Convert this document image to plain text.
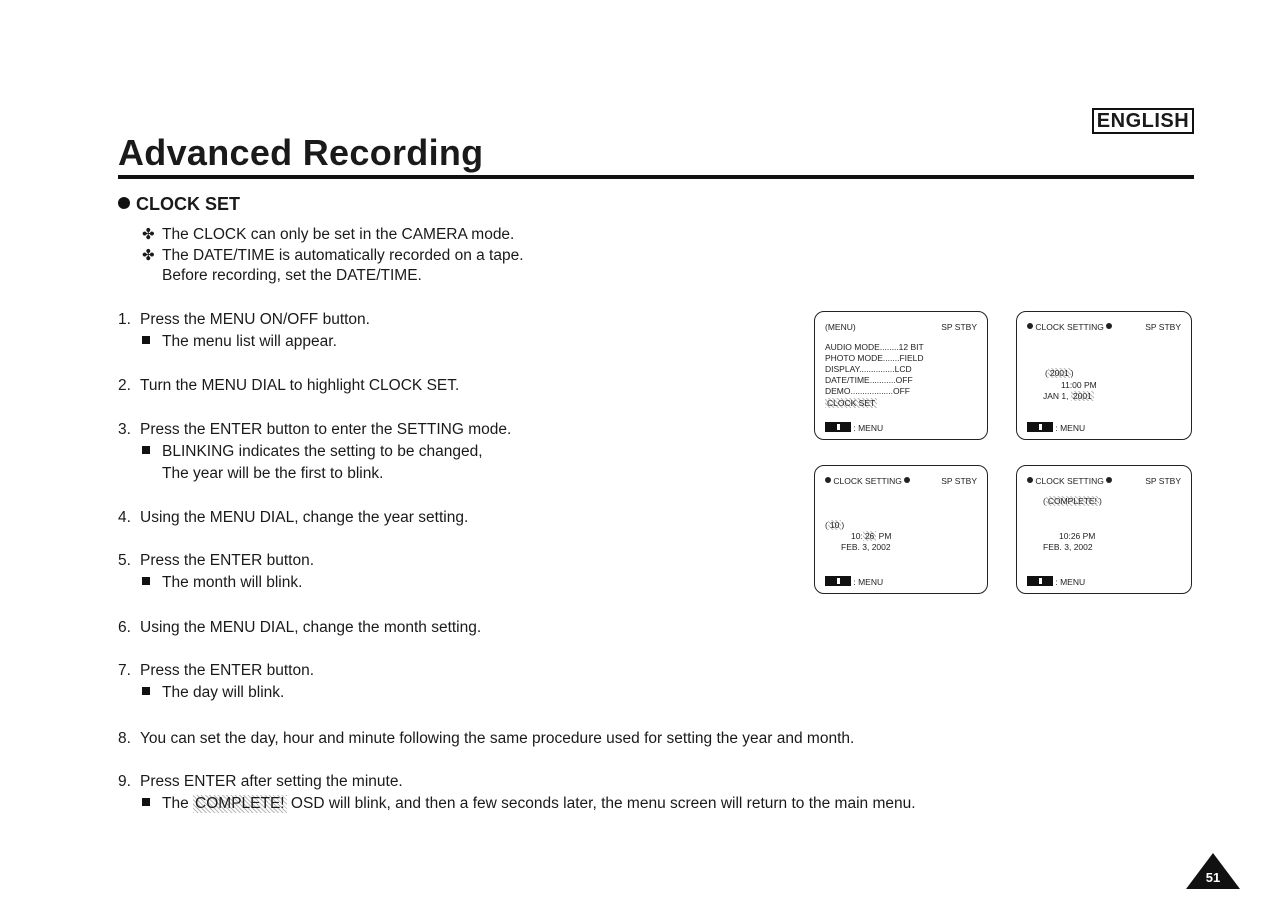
ENGLISH
Advanced Recording
CLOCK SET
✤ The CLOCK can only be set in the CAMERA mode.
✤ The DATE/TIME is automatically recorded on a tape.
Before recording, set the DATE/TIME.
1. Press the MENU ON/OFF button.
The menu list will appear.
2. Turn the MENU DIAL to highlight CLOCK SET.
3. Press the ENTER button to enter the SETTING mode.
BLINKING indicates the setting to be changed,
The year will be the first to blink.
4. Using the MENU DIAL, change the year setting.
5. Press the ENTER button.
The month will blink.
6. Using the MENU DIAL, change the month setting.
7. Press the ENTER button.
The day will blink.
8. You can set the day, hour and minute following the same procedure used for setting the year and month.
9. Press ENTER after setting the minute.
The COMPLETE! OSD will blink, and then a few seconds later, the menu screen will return to the main menu.
(MENU)	SP STBY
AUDIO MODE........12 BIT
PHOTO MODE.......FIELD
DISPLAY...............LCD
DATE/TIME...........OFF
DEMO..................OFF
CLOCK SET
: MENU
CLOCK SETTING	SP STBY
( 2001 )
11:00 PM
JAN 1, 2001
: MENU
CLOCK SETTING	SP STBY
( 10 )
10: 26 PM
FEB. 3, 2002
: MENU
CLOCK SETTING	SP STBY
( COMPLETE! )
10:26 PM
FEB. 3, 2002
: MENU
51
